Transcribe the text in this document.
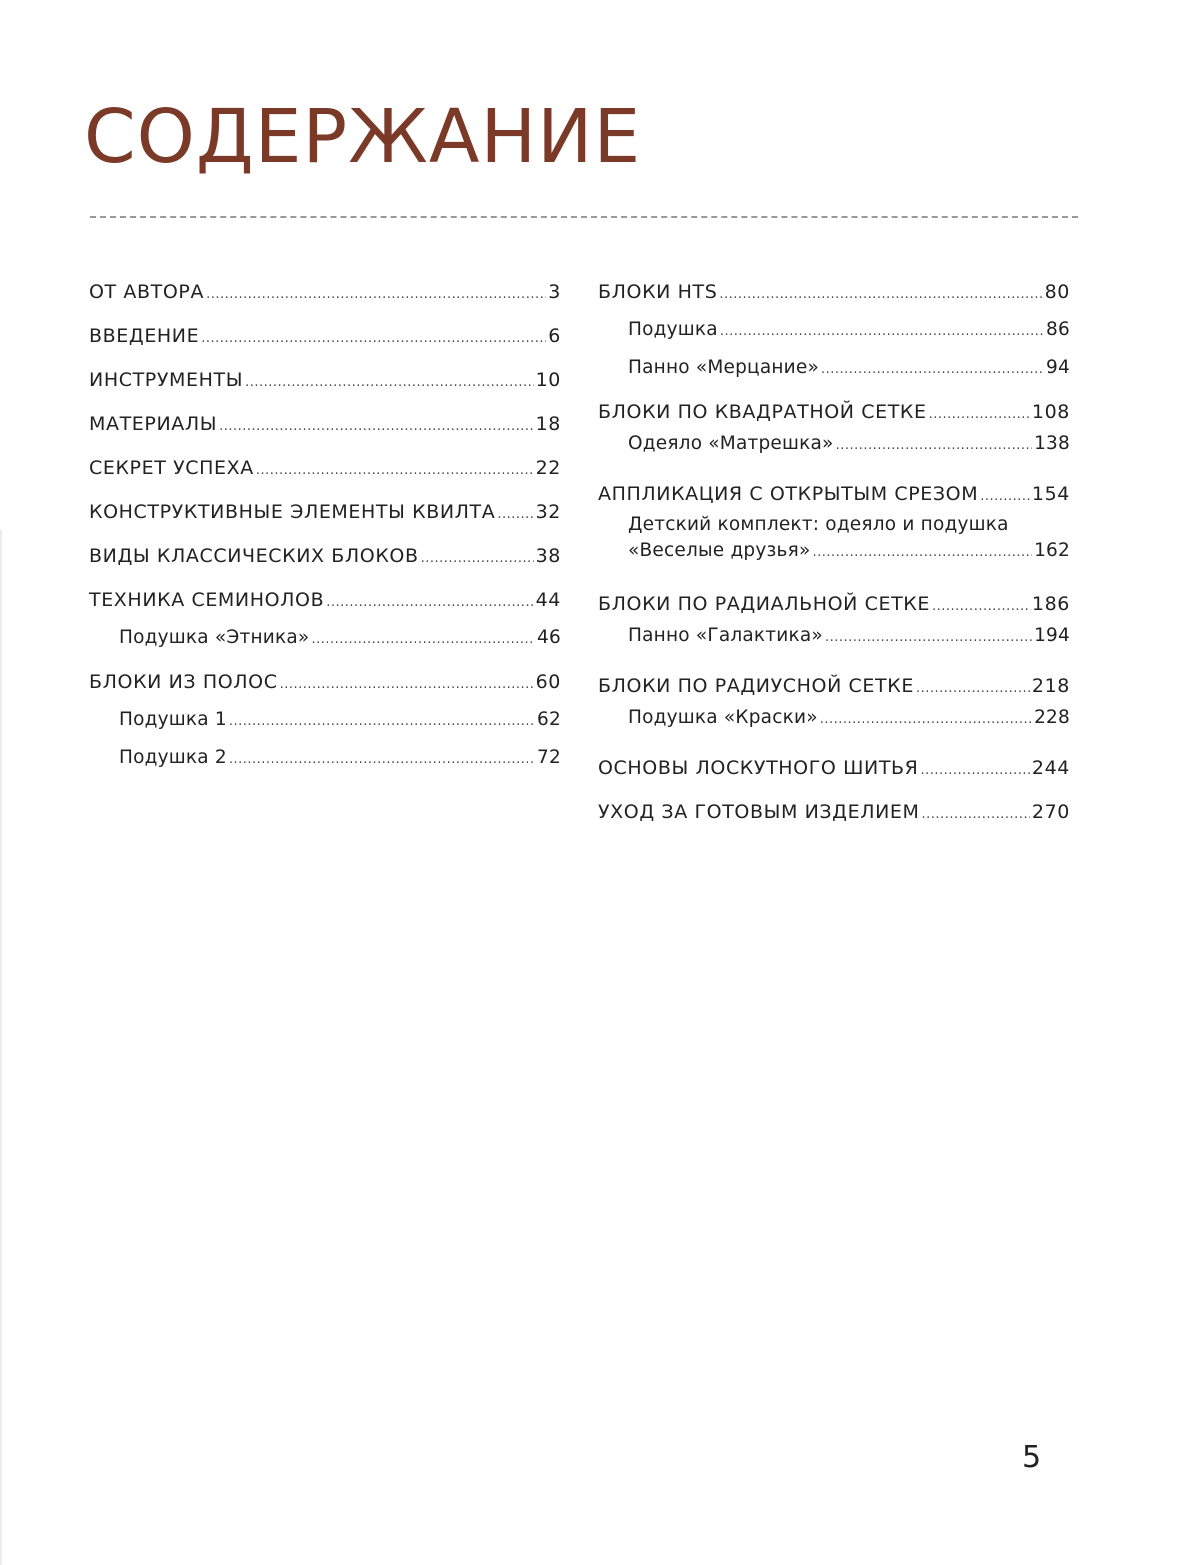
СОДЕРЖАНИЕ
ОТ АВТОРА .....	3
ВВЕДЕНИЕ .....	6
ИНСТРУМЕНТЫ .....	10
МАТЕРИАЛЫ .....	18
СЕКРЕТ УСПЕХА .....	22
КОНСТРУКТИВНЫЕ ЭЛЕМЕНТЫ КВИЛТА ..... 32
ВИДЫ КЛАССИЧЕСКИХ БЛОКОВ .....	38
ТЕХНИКА СЕМИНОЛОВ .....	44
Подушка «Этника» .....	46
БЛОКИ ИЗ ПОЛОС .....	60
Подушка 1 .....	62
Подушка 2 .....	72
БЛОКИ HTS .....	80
Подушка .....	86
Панно «Мерцание» .....	94
БЛОКИ ПО КВАДРАТНОЙ СЕТКЕ .....	108
Одеяло «Матрешка» .....	138
АППЛИКАЦИЯ С ОТКРЫТЫМ СРЕЗОМ .....	154
Детский комплект: одеяло и подушка
«Веселые друзья» .....	162
БЛОКИ ПО РАДИАЛЬНОЙ СЕТКЕ .....	186
Панно «Галактика» .....	194
БЛОКИ ПО РАДИУСНОЙ СЕТКЕ .....	218
Подушка «Краски» .....	228
ОСНОВЫ ЛОСКУТНОГО ШИТЬЯ .....	244
УХОД ЗА ГОТОВЫМ ИЗДЕЛИЕМ .....	270
5
